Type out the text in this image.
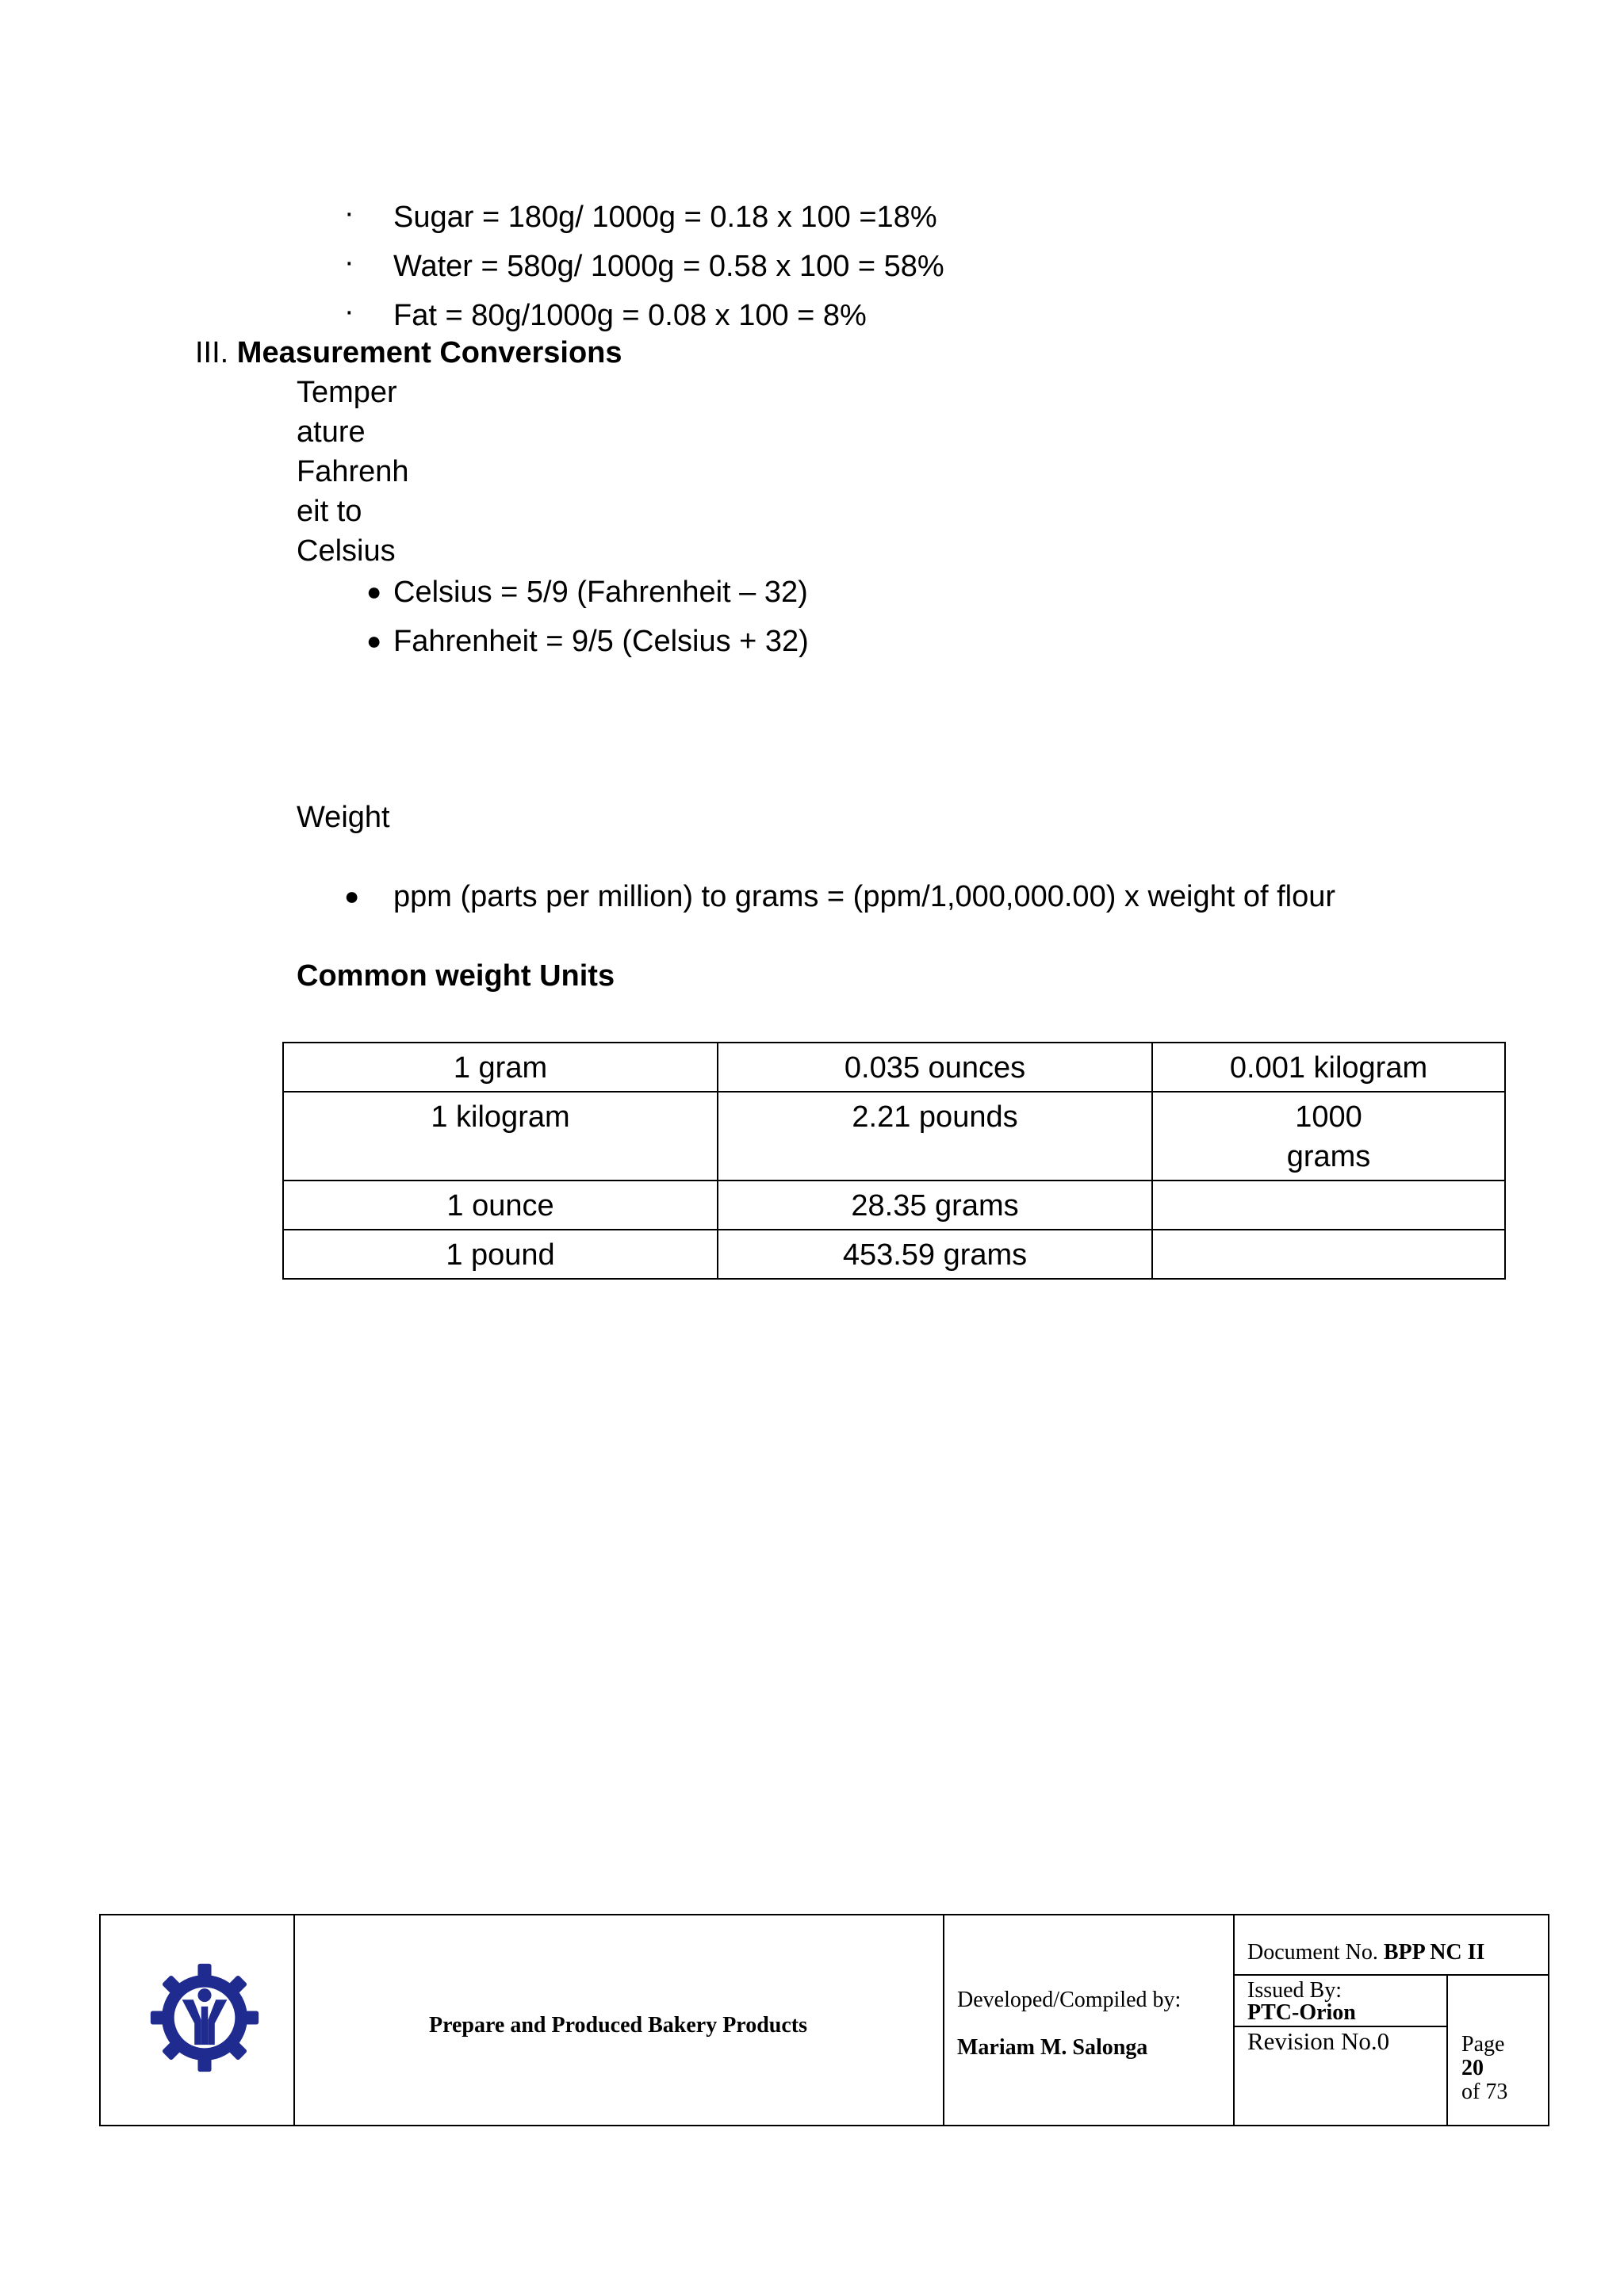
· Sugar = 180g/ 1000g = 0.18 x 100 =18%
· Water = 580g/ 1000g = 0.58 x 100 = 58%
· Fat = 80g/1000g = 0.08 x 100 = 8%
III. Measurement Conversions
Temper
ature
Fahrenh
eit to
Celsius
● Celsius = 5/9 (Fahrenheit – 32)
● Fahrenheit = 9/5 (Celsius + 32)
Weight
● ppm (parts per million) to grams = (ppm/1,000,000.00) x weight of flour
Common weight Units
1 gram	0.035 ounces	0.001 kilogram
1 kilogram	2.21 pounds	1000 grams

1 ounce	28.35 grams	
1 pound	453.59 grams	
Prepare and Produced Bakery Products
Developed/Compiled by:
Mariam M. Salonga
Document No. BPP NC II
Issued By:
PTC-Orion
Revision No.0	Page
20
of 73
